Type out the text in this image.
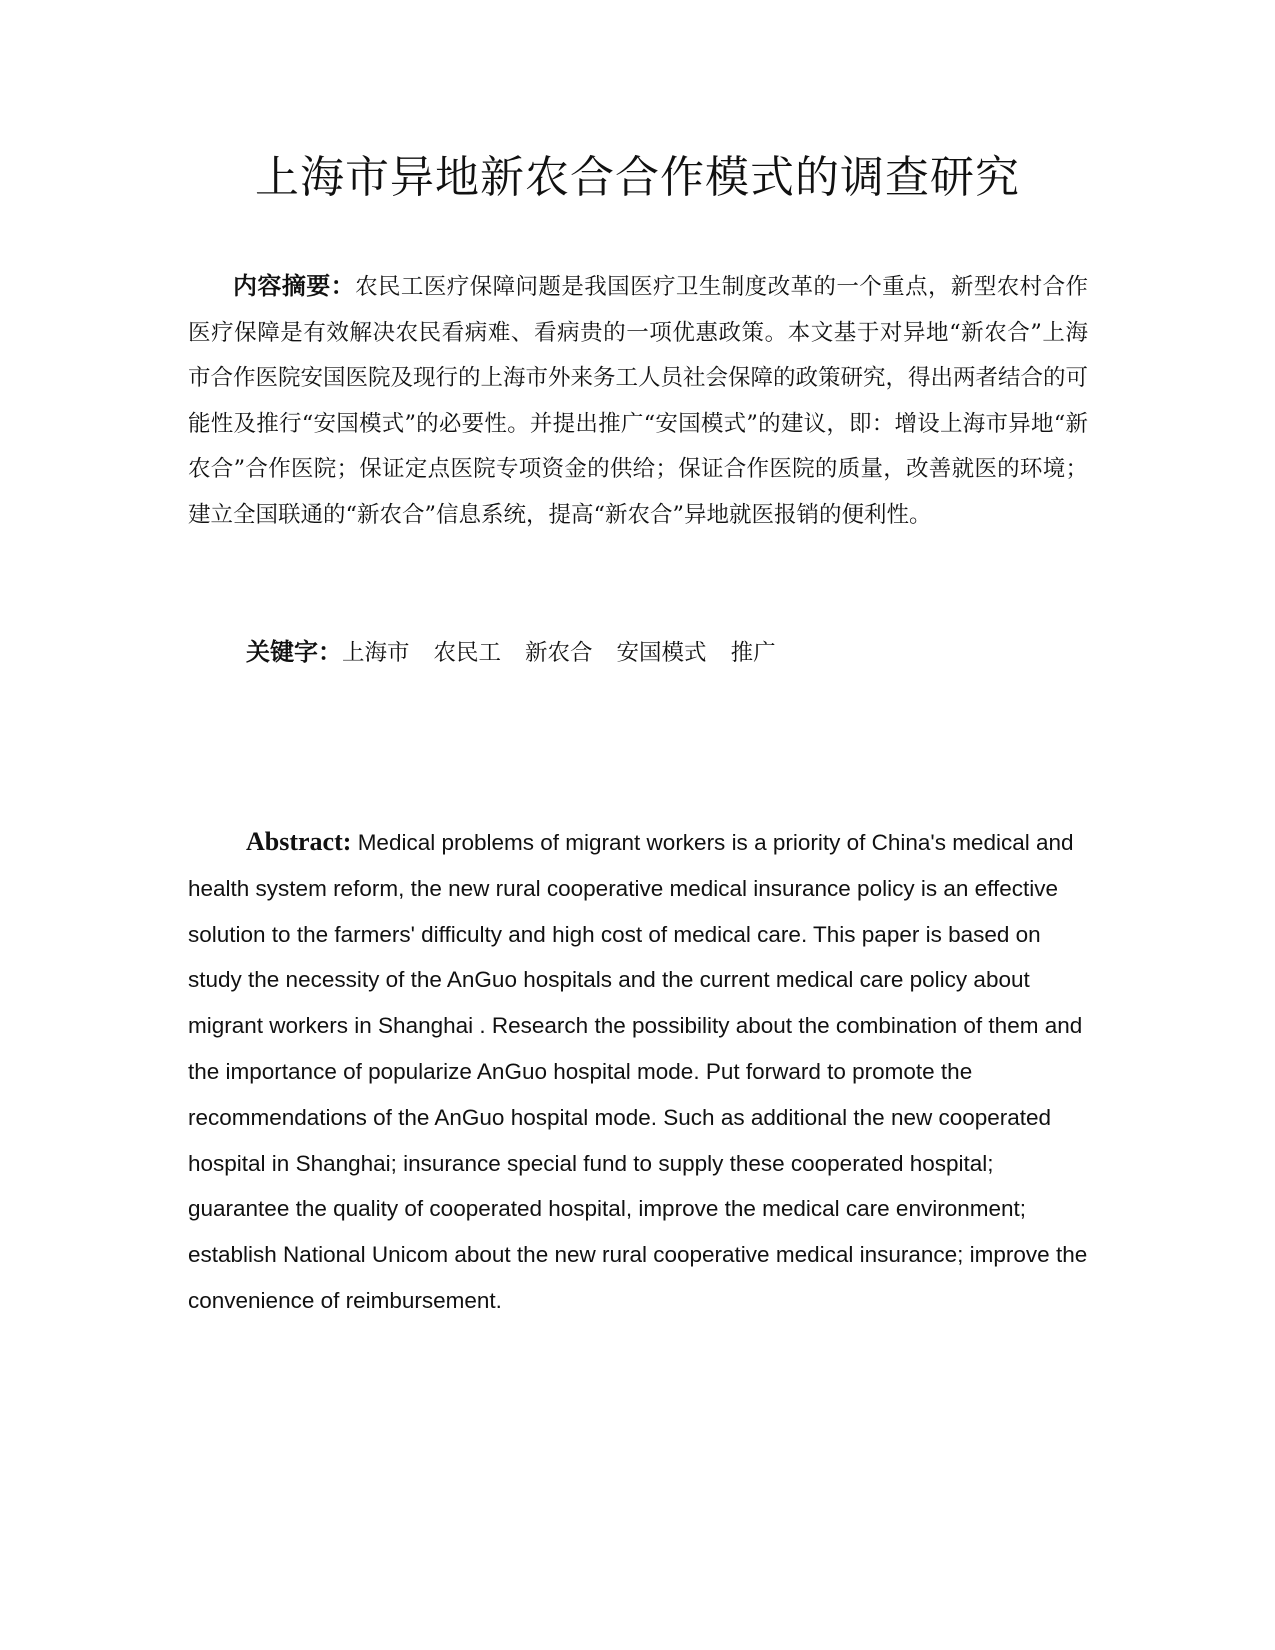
上海市异地新农合合作模式的调查研究

内容摘要：农民工医疗保障问题是我国医疗卫生制度改革的一个重点，新型农村合作医疗保障是有效解决农民看病难、看病贵的一项优惠政策。本文基于对异地“新农合”上海市合作医院安国医院及现行的上海市外来务工人员社会保障的政策研究，得出两者结合的可能性及推行“安国模式”的必要性。并提出推广“安国模式”的建议，即：增设上海市异地“新农合”合作医院；保证定点医院专项资金的供给；保证合作医院的质量，改善就医的环境；建立全国联通的“新农合”信息系统，提高“新农合”异地就医报销的便利性。

关键字：上海市 农民工 新农合 安国模式 推广

Abstract: Medical problems of migrant workers is a priority of China's medical and health system reform, the new rural cooperative medical insurance policy is an effective solution to the farmers' difficulty and high cost of medical care. This paper is based on study the necessity of the AnGuo hospitals and the current medical care policy about migrant workers in Shanghai . Research the possibility about the combination of them and the importance of popularize AnGuo hospital mode. Put forward to promote the recommendations of the AnGuo hospital mode. Such as additional the new cooperated hospital in Shanghai; insurance special fund to supply these cooperated hospital; guarantee the quality of cooperated hospital, improve the medical care environment; establish National Unicom about the new rural cooperative medical insurance; improve the convenience of reimbursement.
